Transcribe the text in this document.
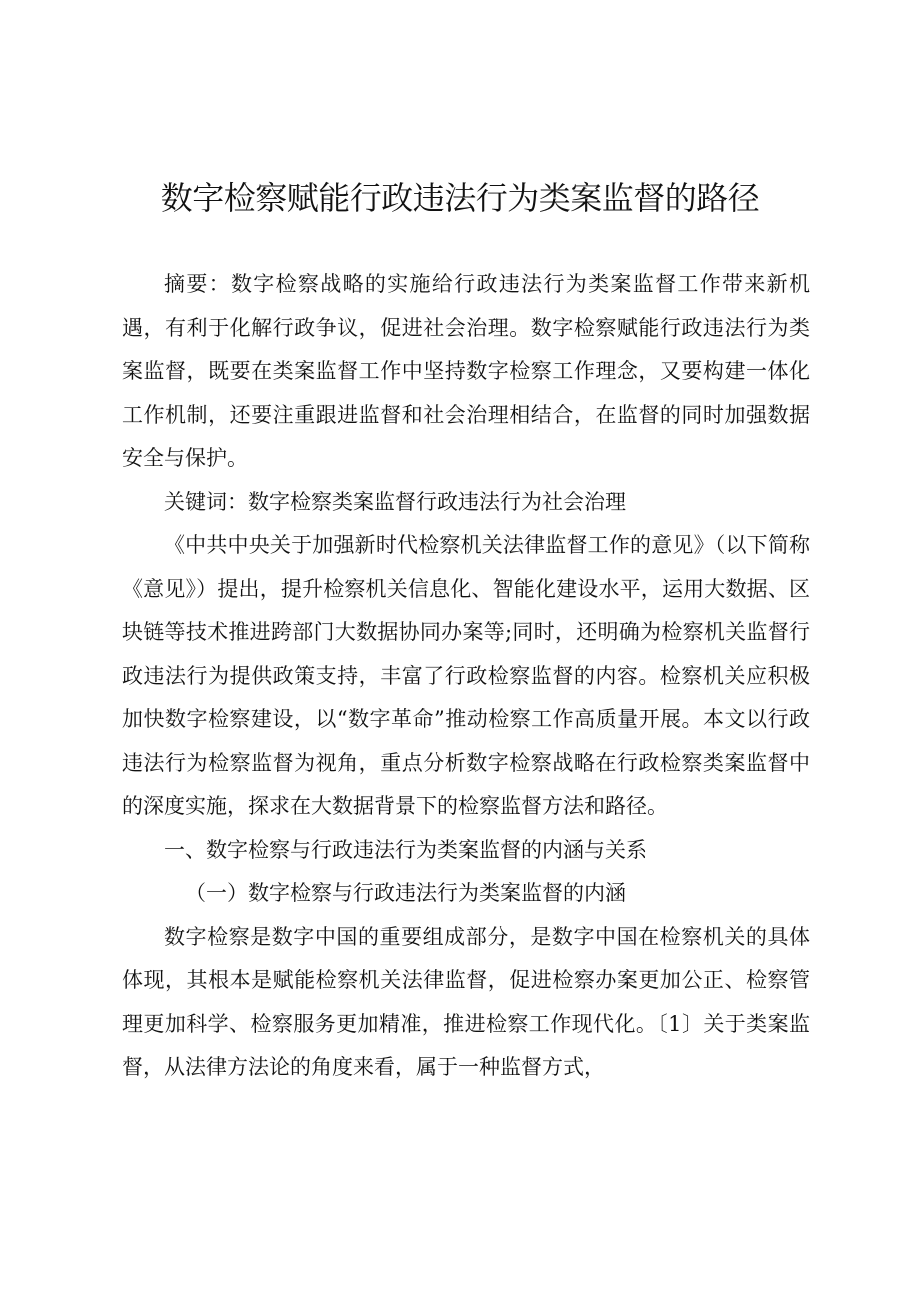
数字检察赋能行政违法行为类案监督的路径

摘要：数字检察战略的实施给行政违法行为类案监督工作带来新机遇，有利于化解行政争议，促进社会治理。数字检察赋能行政违法行为类案监督，既要在类案监督工作中坚持数字检察工作理念，又要构建一体化工作机制，还要注重跟进监督和社会治理相结合，在监督的同时加强数据安全与保护。

关键词：数字检察类案监督行政违法行为社会治理

《中共中央关于加强新时代检察机关法律监督工作的意见》（以下简称《意见》）提出，提升检察机关信息化、智能化建设水平，运用大数据、区块链等技术推进跨部门大数据协同办案等;同时，还明确为检察机关监督行政违法行为提供政策支持，丰富了行政检察监督的内容。检察机关应积极加快数字检察建设，以“数字革命”推动检察工作高质量开展。本文以行政违法行为检察监督为视角，重点分析数字检察战略在行政检察类案监督中的深度实施，探求在大数据背景下的检察监督方法和路径。

一、数字检察与行政违法行为类案监督的内涵与关系

（一）数字检察与行政违法行为类案监督的内涵

数字检察是数字中国的重要组成部分，是数字中国在检察机关的具体体现，其根本是赋能检察机关法律监督，促进检察办案更加公正、检察管理更加科学、检察服务更加精准，推进检察工作现代化。〔1〕关于类案监督，从法律方法论的角度来看，属于一种监督方式，
